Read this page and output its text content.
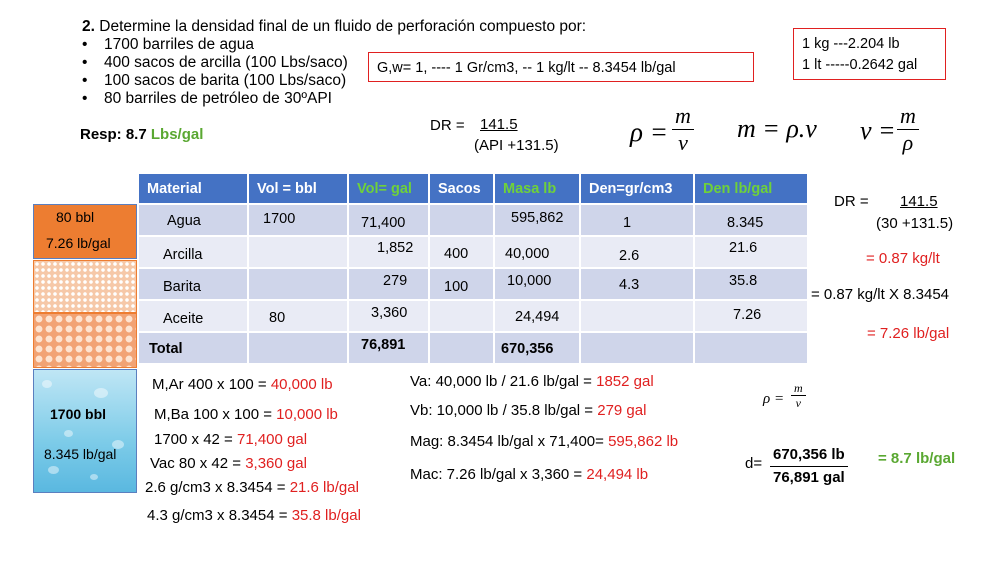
2. Determine la densidad final de un fluido de perforación compuesto por:
• 1700 barriles de agua
• 400 sacos de arcilla (100 Lbs/saco)
• 100 sacos de barita (100 Lbs/saco)
• 80 barriles de petróleo de 30ºAPI
Resp: 8.7 Lbs/gal
G,w= 1, ---- 1 Gr/cm3, -- 1 kg/lt -- 8.3454 lb/gal
1 kg ---2.204 lb
1 lt -----0.2642 gal
DR = 141.5
(API +131.5)	$\rho = \frac{m}{v}$ m = ρ.v $v = \frac{m}{\rho}$
Material	Vol = bbl	Vol= gal	Sacos	Masa lb	Den=gr/cm3	Den lb/gal

Agua	1700	71,400		595,862	1	8.345

Arcilla		1,852	400	40,000	2.6	21.6

Barita		279	100	10,000	4.3	35.8

Aceite	80	3,360		24,494		7.26

Total		76,891		670,356		

80 bbl
7.26 lb/gal
1700 bbl
8.345 lb/gal
DR = 141.5
(30 +131.5)
= 0.87 kg/lt
= 0.87 kg/lt X 8.3454
= 7.26 lb/gal
M,Ar 400 x 100 = 40,000 lb
M,Ba 100 x 100 = 10,000 lb
1700 x 42 = 71,400 gal
Vac 80 x 42 = 3,360 gal
2.6 g/cm3 x 8.3454 = 21.6 lb/gal
4.3 g/cm3 x 8.3454 = 35.8 lb/gal
Va: 40,000 lb / 21.6 lb/gal = 1852 gal
Vb: 10,000 lb / 35.8 lb/gal = 279 gal
Mag: 8.3454 lb/gal x 71,400= 595,862 lb
Mac: 7.26 lb/gal x 3,360 = 24,494 lb
$\rho = \frac{m}{v}$
d=
670,356 lb
76,891 gal
= 8.7 lb/gal
